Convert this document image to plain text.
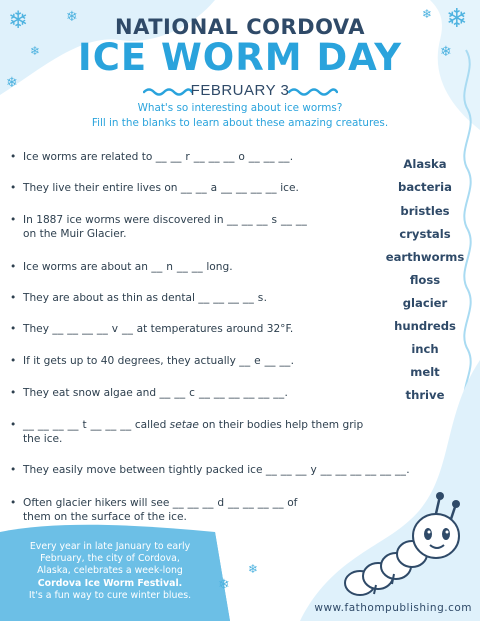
❄	❄
❄
❄
❄ ❄
❄
❄
❄
NATIONAL CORDOVA
ICE WORM DAY
FEBRUARY 3
What's so interesting about ice worms?
Fill in the blanks to learn about these amazing creatures.
• Ice worms are related to __ __ r __ __ __ o __ __ __.
• They live their entire lives on __ __ a __ __ __ __ ice.
• In 1887 ice worms were discovered in __ __ __ s __ __
on the Muir Glacier.
• Ice worms are about an __ n __ __ long.
• They are about as thin as dental __ __ __ __ s.
• They __ __ __ __ v __ at temperatures around 32°F.
• If it gets up to 40 degrees, they actually __ e __ __.
• They eat snow algae and __ __ c __ __ __ __ __ __.
• __ __ __ __ t __ __ __ called setae on their bodies help them grip
the ice.
• They easily move between tightly packed ice __ __ __ y __ __ __ __ __ __.
• Often glacier hikers will see __ __ __ d __ __ __ __ of
them on the surface of the ice.
Alaska
bacteria
bristles
crystals
earthworms
floss
glacier
hundreds
inch
melt
thrive
Every year in late January to early
February, the city of Cordova,
Alaska, celebrates a week-long
Cordova Ice Worm Festival.
It's a fun way to cure winter blues.
www.fathompublishing.com
